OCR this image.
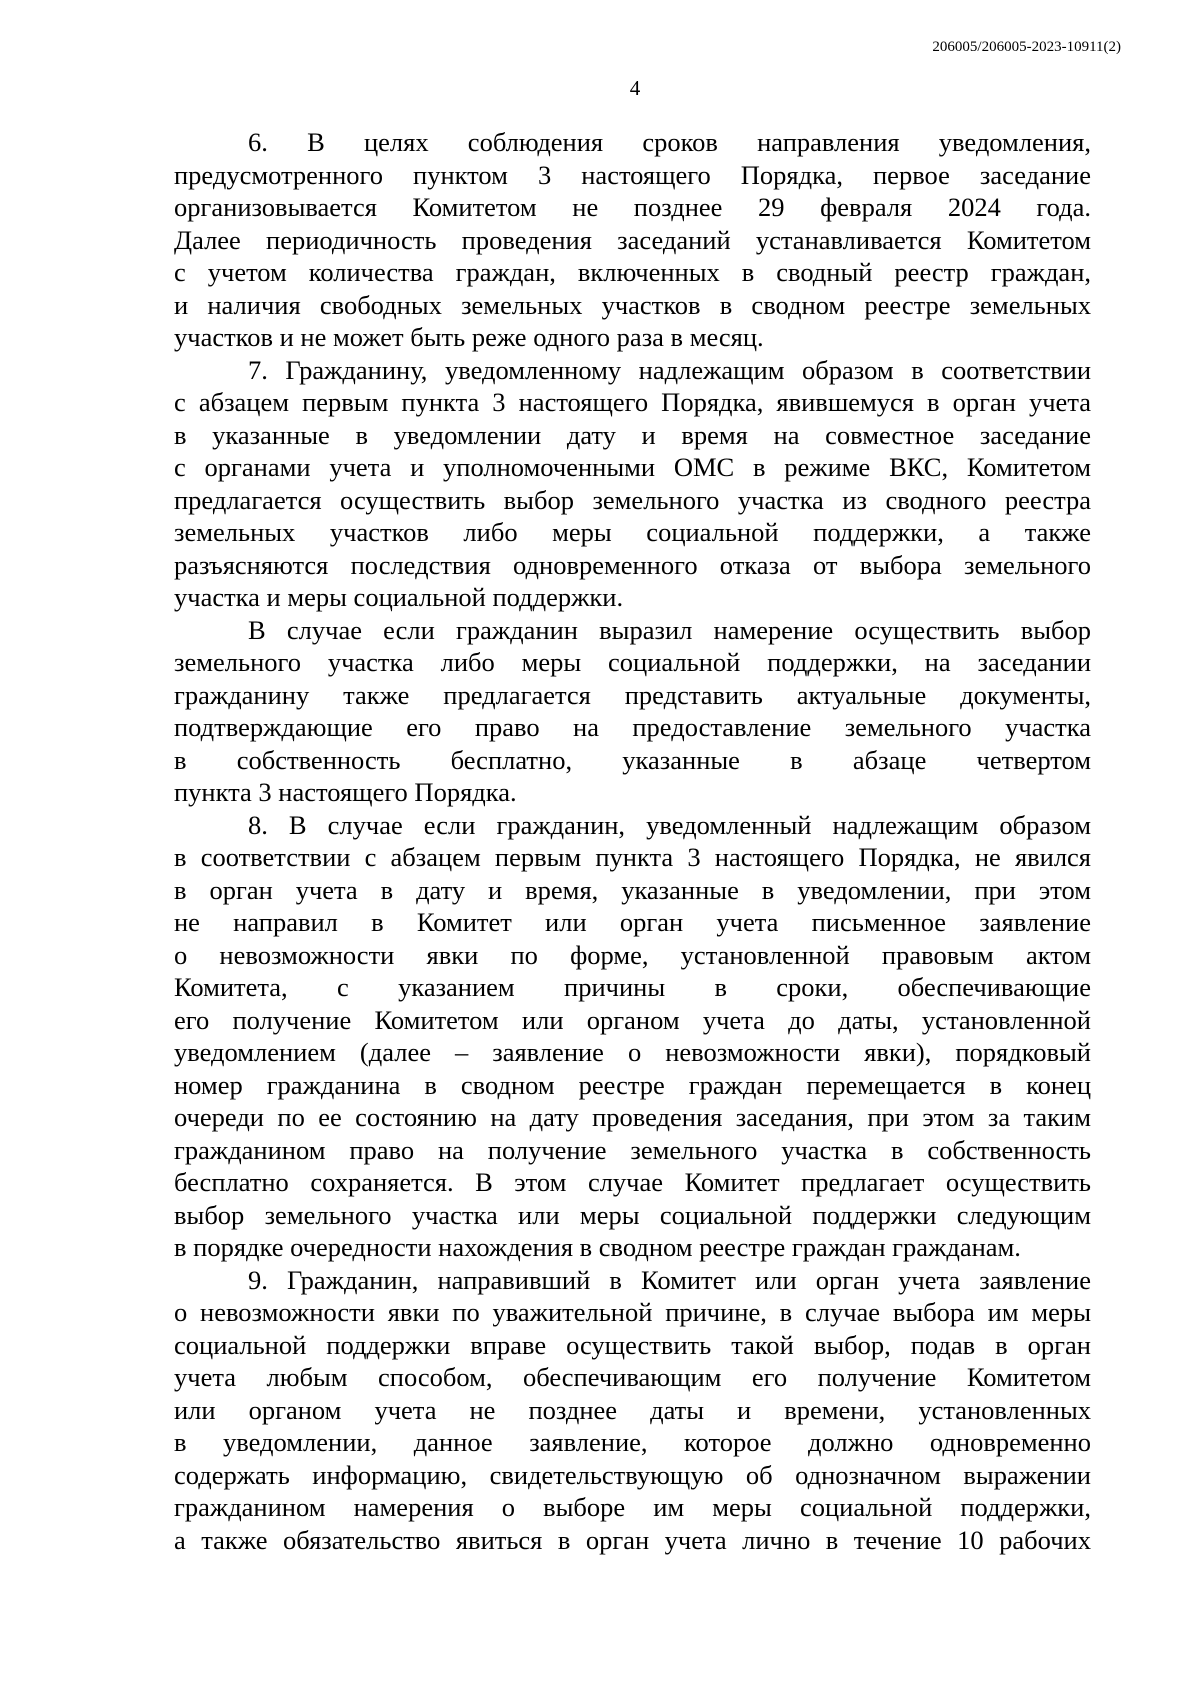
206005/206005-2023-10911(2)
4
6. В целях соблюдения сроков направления уведомления,
предусмотренного пунктом 3 настоящего Порядка, первое заседание
организовывается Комитетом не позднее 29 февраля 2024 года.
Далее периодичность проведения заседаний устанавливается Комитетом
с учетом количества граждан, включенных в сводный реестр граждан,
и наличия свободных земельных участков в сводном реестре земельных
участков и не может быть реже одного раза в месяц.
7. Гражданину, уведомленному надлежащим образом в соответствии
с абзацем первым пункта 3 настоящего Порядка, явившемуся в орган учета
в указанные в уведомлении дату и время на совместное заседание
с органами учета и уполномоченными ОМС в режиме ВКС, Комитетом
предлагается осуществить выбор земельного участка из сводного реестра
земельных участков либо меры социальной поддержки, а также
разъясняются последствия одновременного отказа от выбора земельного
участка и меры социальной поддержки.
В случае если гражданин выразил намерение осуществить выбор
земельного участка либо меры социальной поддержки, на заседании
гражданину также предлагается представить актуальные документы,
подтверждающие его право на предоставление земельного участка
в собственность бесплатно, указанные в абзаце четвертом
пункта 3 настоящего Порядка.
8. В случае если гражданин, уведомленный надлежащим образом
в соответствии с абзацем первым пункта 3 настоящего Порядка, не явился
в орган учета в дату и время, указанные в уведомлении, при этом
не направил в Комитет или орган учета письменное заявление
о невозможности явки по форме, установленной правовым актом
Комитета, с указанием причины в сроки, обеспечивающие
его получение Комитетом или органом учета до даты, установленной
уведомлением (далее – заявление о невозможности явки), порядковый
номер гражданина в сводном реестре граждан перемещается в конец
очереди по ее состоянию на дату проведения заседания, при этом за таким
гражданином право на получение земельного участка в собственность
бесплатно сохраняется. В этом случае Комитет предлагает осуществить
выбор земельного участка или меры социальной поддержки следующим
в порядке очередности нахождения в сводном реестре граждан гражданам.
9. Гражданин, направивший в Комитет или орган учета заявление
о невозможности явки по уважительной причине, в случае выбора им меры
социальной поддержки вправе осуществить такой выбор, подав в орган
учета любым способом, обеспечивающим его получение Комитетом
или органом учета не позднее даты и времени, установленных
в уведомлении, данное заявление, которое должно одновременно
содержать информацию, свидетельствующую об однозначном выражении
гражданином намерения о выборе им меры социальной поддержки,
а также обязательство явиться в орган учета лично в течение 10 рабочих
